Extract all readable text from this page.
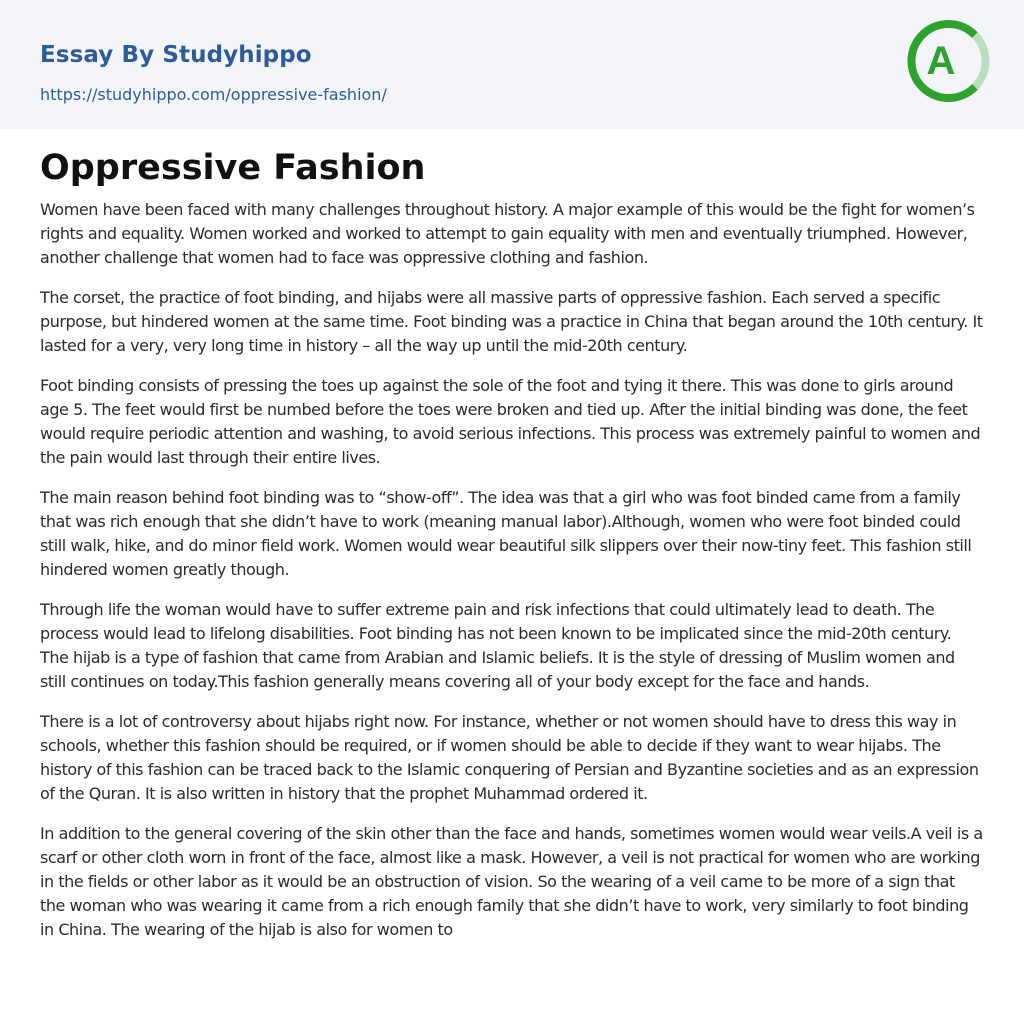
Essay By Studyhippo
https://studyhippo.com/oppressive-fashion/
A
Oppressive Fashion

Women have been faced with many challenges throughout history. A major example of this would be the fight for women’s rights and equality. Women worked and worked to attempt to gain equality with men and eventually triumphed. However, another challenge that women had to face was oppressive clothing and fashion.

The corset, the practice of foot binding, and hijabs were all massive parts of oppressive fashion. Each served a specific purpose, but hindered women at the same time. Foot binding was a practice in China that began around the 10th century. It lasted for a very, very long time in history – all the way up until the mid-20th century.

Foot binding consists of pressing the toes up against the sole of the foot and tying it there. This was done to girls around age 5. The feet would first be numbed before the toes were broken and tied up. After the initial binding was done, the feet would require periodic attention and washing, to avoid serious infections. This process was extremely painful to women and the pain would last through their entire lives.

The main reason behind foot binding was to “show-off”. The idea was that a girl who was foot binded came from a family that was rich enough that she didn’t have to work (meaning manual labor).Although, women who were foot binded could still walk, hike, and do minor field work. Women would wear beautiful silk slippers over their now-tiny feet. This fashion still hindered women greatly though.

Through life the woman would have to suffer extreme pain and risk infections that could ultimately lead to death. The process would lead to lifelong disabilities. Foot binding has not been known to be implicated since the mid-20th century. The hijab is a type of fashion that came from Arabian and Islamic beliefs. It is the style of dressing of Muslim women and still continues on today.This fashion generally means covering all of your body except for the face and hands.

There is a lot of controversy about hijabs right now. For instance, whether or not women should have to dress this way in schools, whether this fashion should be required, or if women should be able to decide if they want to wear hijabs. The history of this fashion can be traced back to the Islamic conquering of Persian and Byzantine societies and as an expression of the Quran. It is also written in history that the prophet Muhammad ordered it.

In addition to the general covering of the skin other than the face and hands, sometimes women would wear veils.A veil is a scarf or other cloth worn in front of the face, almost like a mask. However, a veil is not practical for women who are working in the fields or other labor as it would be an obstruction of vision. So the wearing of a veil came to be more of a sign that the woman who was wearing it came from a rich enough family that she didn’t have to work, very similarly to foot binding in China. The wearing of the hijab is also for women to
